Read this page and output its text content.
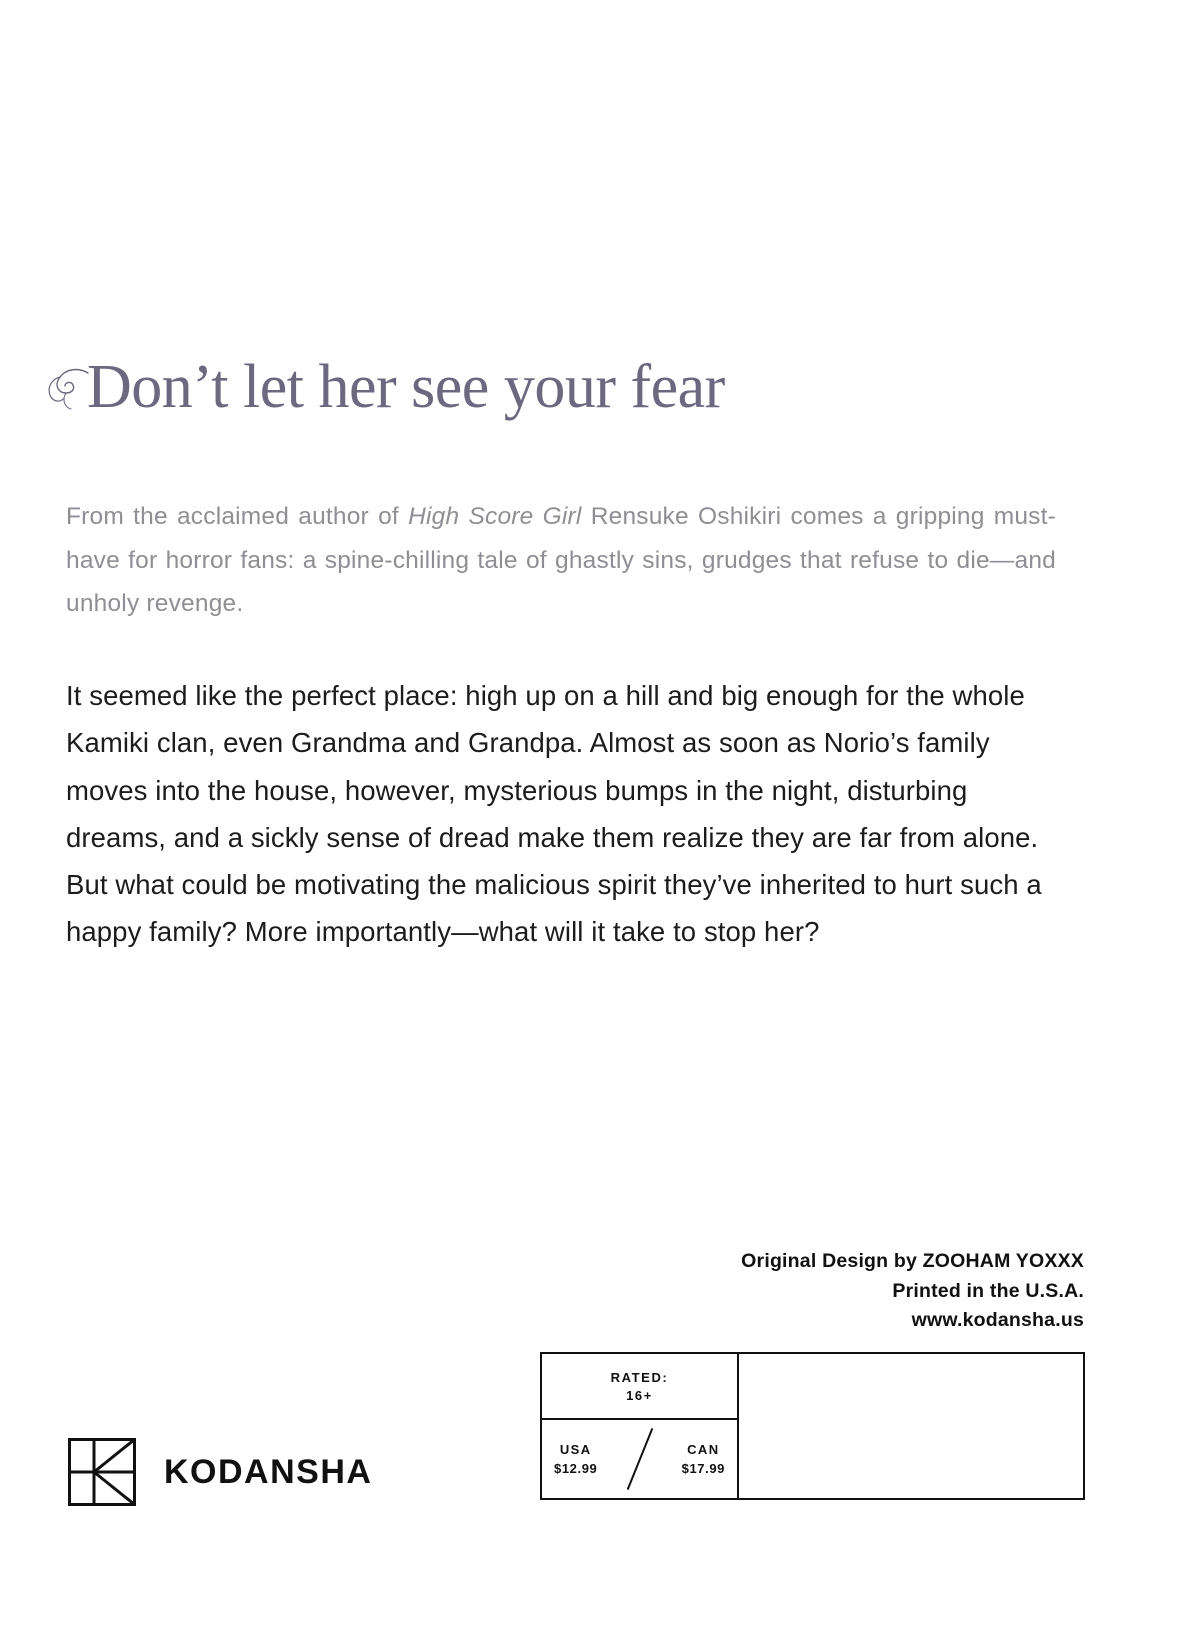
Don’t let her see your fear
From the acclaimed author of High Score Girl Rensuke Oshikiri comes a gripping must-have for horror fans: a spine-chilling tale of ghastly sins, grudges that refuse to die—and unholy revenge.

It seemed like the perfect place: high up on a hill and big enough for the whole Kamiki clan, even Grandma and Grandpa. Almost as soon as Norio’s family moves into the house, however, mysterious bumps in the night, disturbing dreams, and a sickly sense of dread make them realize they are far from alone. But what could be motivating the malicious spirit they’ve inherited to hurt such a happy family? More importantly—what will it take to stop her?

Original Design by ZOOHAM YOXXX
Printed in the U.S.A.
www.kodansha.us
RATED:
16+
USA
$12.99
CAN
$17.99
KODANSHA
